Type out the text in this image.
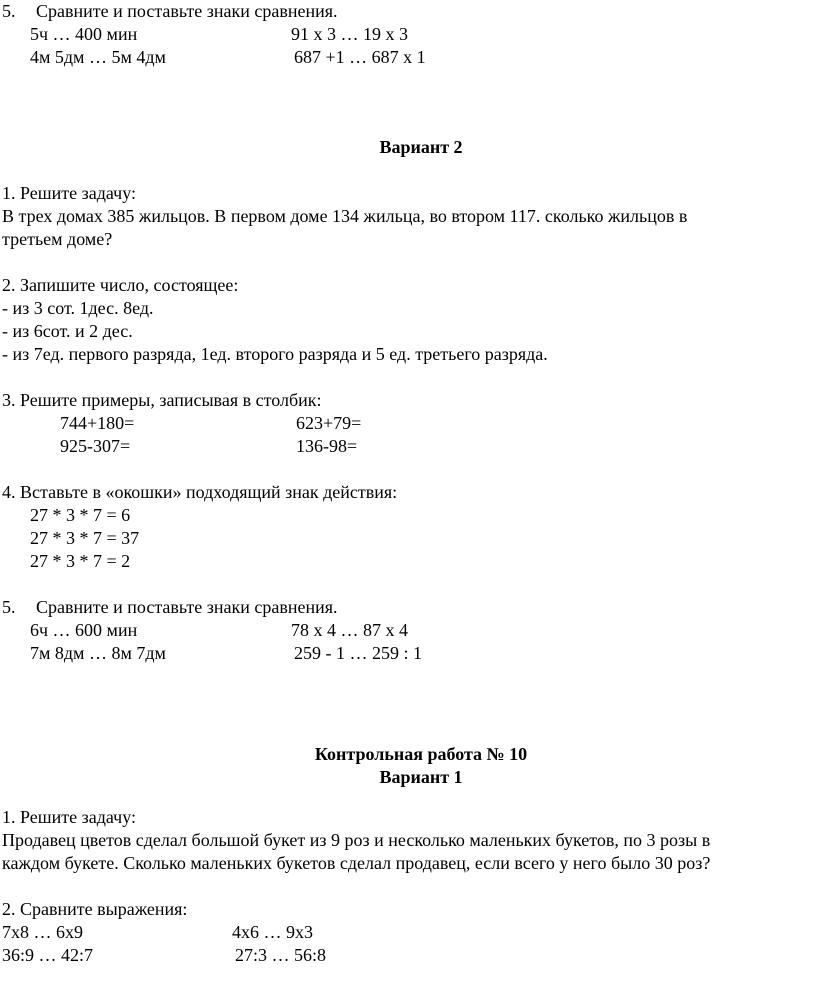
5. Сравните и поставьте знаки сравнения.
5ч … 400 мин	91 х 3 … 19 х 3
4м 5дм … 5м 4дм	687 +1 … 687 х 1
Вариант 2
1. Решите задачу:
В трех домах 385 жильцов. В первом доме 134 жильца, во втором 117. сколько жильцов в
третьем доме?
2. Запишите число, состоящее:
- из 3 сот. 1дес. 8ед.
- из 6сот. и 2 дес.
- из 7ед. первого разряда, 1ед. второго разряда и 5 ед. третьего разряда.
3. Решите примеры, записывая в столбик:
744+180=	623+79=
925-307=	136-98=
4. Вставьте в «окошки» подходящий знак действия:
27 * 3 * 7 = 6
27 * 3 * 7 = 37
27 * 3 * 7 = 2
5. Сравните и поставьте знаки сравнения.
6ч … 600 мин	78 х 4 … 87 х 4
7м 8дм … 8м 7дм	259 - 1 … 259 : 1
Контрольная работа № 10
Вариант 1
1. Решите задачу:
Продавец цветов сделал большой букет из 9 роз и несколько маленьких букетов, по 3 розы в
каждом букете. Сколько маленьких букетов сделал продавец, если всего у него было 30 роз?
2. Сравните выражения:
7х8 … 6х9	4х6 … 9х3
36:9 … 42:7	27:3 … 56:8
